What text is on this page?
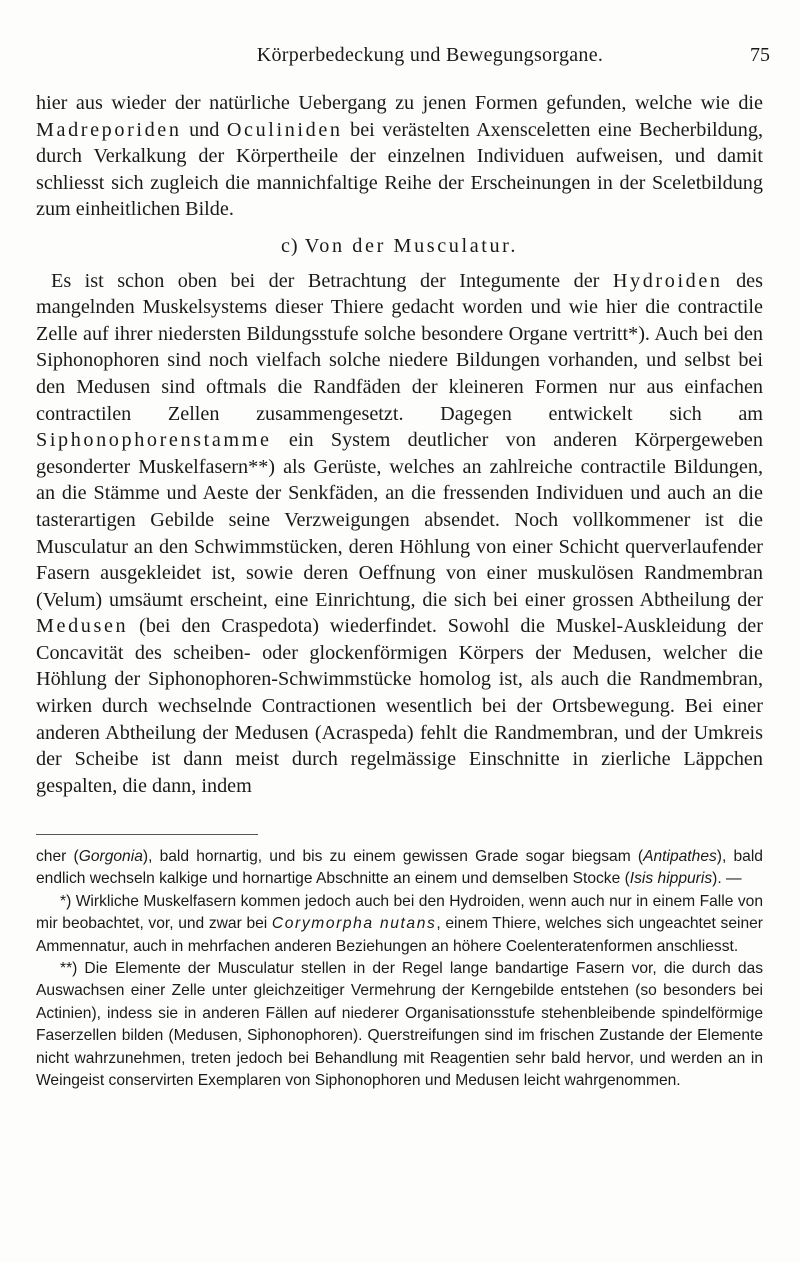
Körperbedeckung und Bewegungsorgane.	75

hier aus wieder der natürliche Uebergang zu jenen Formen gefunden, welche wie die Madreporiden und Oculiniden bei verästelten Axensceletten eine Becherbildung, durch Verkalkung der Körpertheile der einzelnen Individuen aufweisen, und damit schliesst sich zugleich die mannichfaltige Reihe der Erscheinungen in der Sceletbildung zum einheitlichen Bilde.

c) Von der Musculatur.

Es ist schon oben bei der Betrachtung der Integumente der Hydroiden des mangelnden Muskelsystems dieser Thiere gedacht worden und wie hier die contractile Zelle auf ihrer niedersten Bildungsstufe solche besondere Organe vertritt*). Auch bei den Siphonophoren sind noch vielfach solche niedere Bildungen vorhanden, und selbst bei den Medusen sind oftmals die Randfäden der kleineren Formen nur aus einfachen contractilen Zellen zusammengesetzt. Dagegen entwickelt sich am Siphonophorenstamme ein System deutlicher von anderen Körpergeweben gesonderter Muskelfasern**) als Gerüste, welches an zahlreiche contractile Bildungen, an die Stämme und Aeste der Senkfäden, an die fressenden Individuen und auch an die tasterartigen Gebilde seine Verzweigungen absendet. Noch vollkommener ist die Musculatur an den Schwimmstücken, deren Höhlung von einer Schicht querverlaufender Fasern ausgekleidet ist, sowie deren Oeffnung von einer muskulösen Randmembran (Velum) umsäumt erscheint, eine Einrichtung, die sich bei einer grossen Abtheilung der Medusen (bei den Craspedota) wiederfindet. Sowohl die Muskel-Auskleidung der Concavität des scheiben- oder glockenförmigen Körpers der Medusen, welcher die Höhlung der Siphonophoren-Schwimmstücke homolog ist, als auch die Randmembran, wirken durch wechselnde Contractionen wesentlich bei der Ortsbewegung. Bei einer anderen Abtheilung der Medusen (Acraspeda) fehlt die Randmembran, und der Umkreis der Scheibe ist dann meist durch regelmässige Einschnitte in zierliche Läppchen gespalten, die dann, indem

cher (Gorgonia), bald hornartig, und bis zu einem gewissen Grade sogar biegsam (Antipathes), bald endlich wechseln kalkige und hornartige Abschnitte an einem und demselben Stocke (Isis hippuris). —

*) Wirkliche Muskelfasern kommen jedoch auch bei den Hydroiden, wenn auch nur in einem Falle von mir beobachtet, vor, und zwar bei Corymorpha nutans, einem Thiere, welches sich ungeachtet seiner Ammennatur, auch in mehrfachen anderen Beziehungen an höhere Coelenteratenformen anschliesst.

**) Die Elemente der Musculatur stellen in der Regel lange bandartige Fasern vor, die durch das Auswachsen einer Zelle unter gleichzeitiger Vermehrung der Kerngebilde entstehen (so besonders bei Actinien), indess sie in anderen Fällen auf niederer Organisationsstufe stehenbleibende spindelförmige Faserzellen bilden (Medusen, Siphonophoren). Querstreifungen sind im frischen Zustande der Elemente nicht wahrzunehmen, treten jedoch bei Behandlung mit Reagentien sehr bald hervor, und werden an in Weingeist conservirten Exemplaren von Siphonophoren und Medusen leicht wahrgenommen.
